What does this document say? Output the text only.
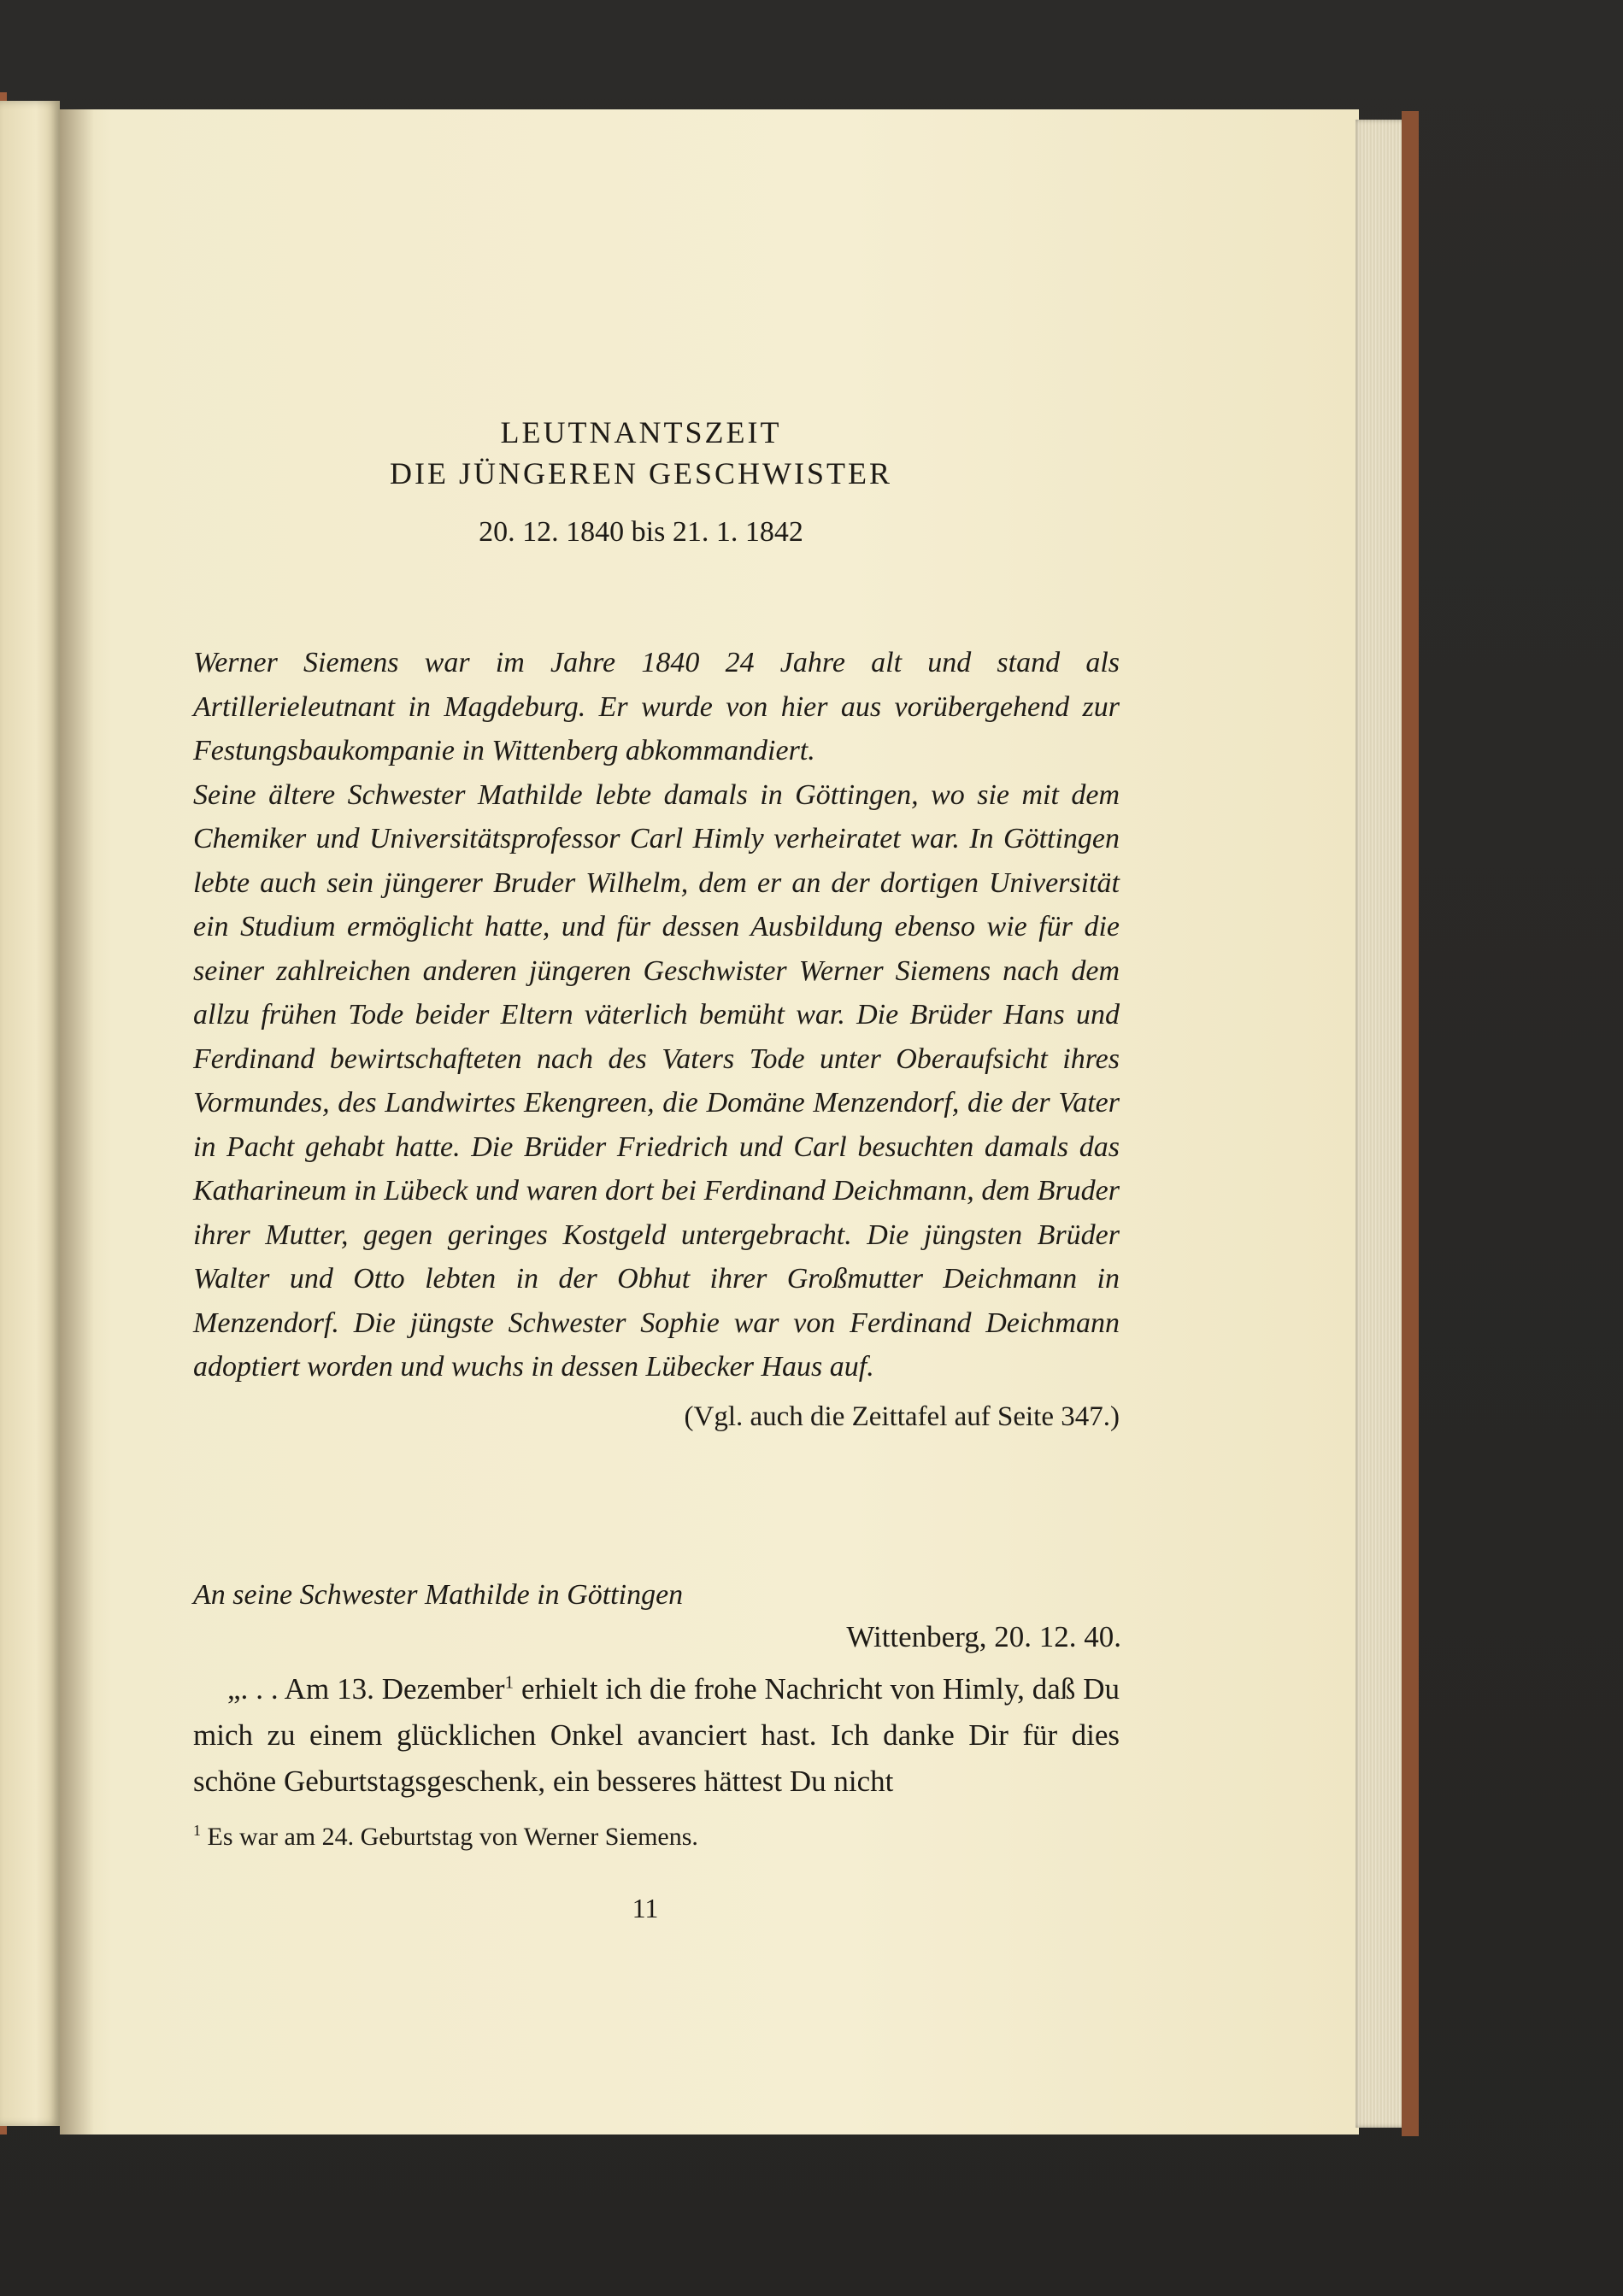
LEUTNANTSZEIT
DIE JÜNGEREN GESCHWISTER
20. 12. 1840 bis 21. 1. 1842

Werner Siemens war im Jahre 1840 24 Jahre alt und stand als Artillerieleutnant in Magdeburg. Er wurde von hier aus vorübergehend zur Festungsbaukompanie in Wittenberg abkommandiert.

Seine ältere Schwester Mathilde lebte damals in Göttingen, wo sie mit dem Chemiker und Universitätsprofessor Carl Himly verheiratet war. In Göttingen lebte auch sein jüngerer Bruder Wilhelm, dem er an der dortigen Universität ein Studium ermöglicht hatte, und für dessen Ausbildung ebenso wie für die seiner zahlreichen anderen jüngeren Geschwister Werner Siemens nach dem allzu frühen Tode beider Eltern väterlich bemüht war. Die Brüder Hans und Ferdinand bewirtschafteten nach des Vaters Tode unter Oberaufsicht ihres Vormundes, des Landwirtes Ekengreen, die Domäne Menzendorf, die der Vater in Pacht gehabt hatte. Die Brüder Friedrich und Carl besuchten damals das Katharineum in Lübeck und waren dort bei Ferdinand Deichmann, dem Bruder ihrer Mutter, gegen geringes Kostgeld untergebracht. Die jüngsten Brüder Walter und Otto lebten in der Obhut ihrer Großmutter Deichmann in Menzendorf. Die jüngste Schwester Sophie war von Ferdinand Deichmann adoptiert worden und wuchs in dessen Lübecker Haus auf.

(Vgl. auch die Zeittafel auf Seite 347.)
An seine Schwester Mathilde in Göttingen
Wittenberg, 20. 12. 40.

„. . . Am 13. Dezember$^1$ erhielt ich die frohe Nachricht von Himly, daß Du mich zu einem glücklichen Onkel avanciert hast. Ich danke Dir für dies schöne Geburtstagsgeschenk, ein besseres hättest Du nicht

$^1$ Es war am 24. Geburtstag von Werner Siemens.
11
